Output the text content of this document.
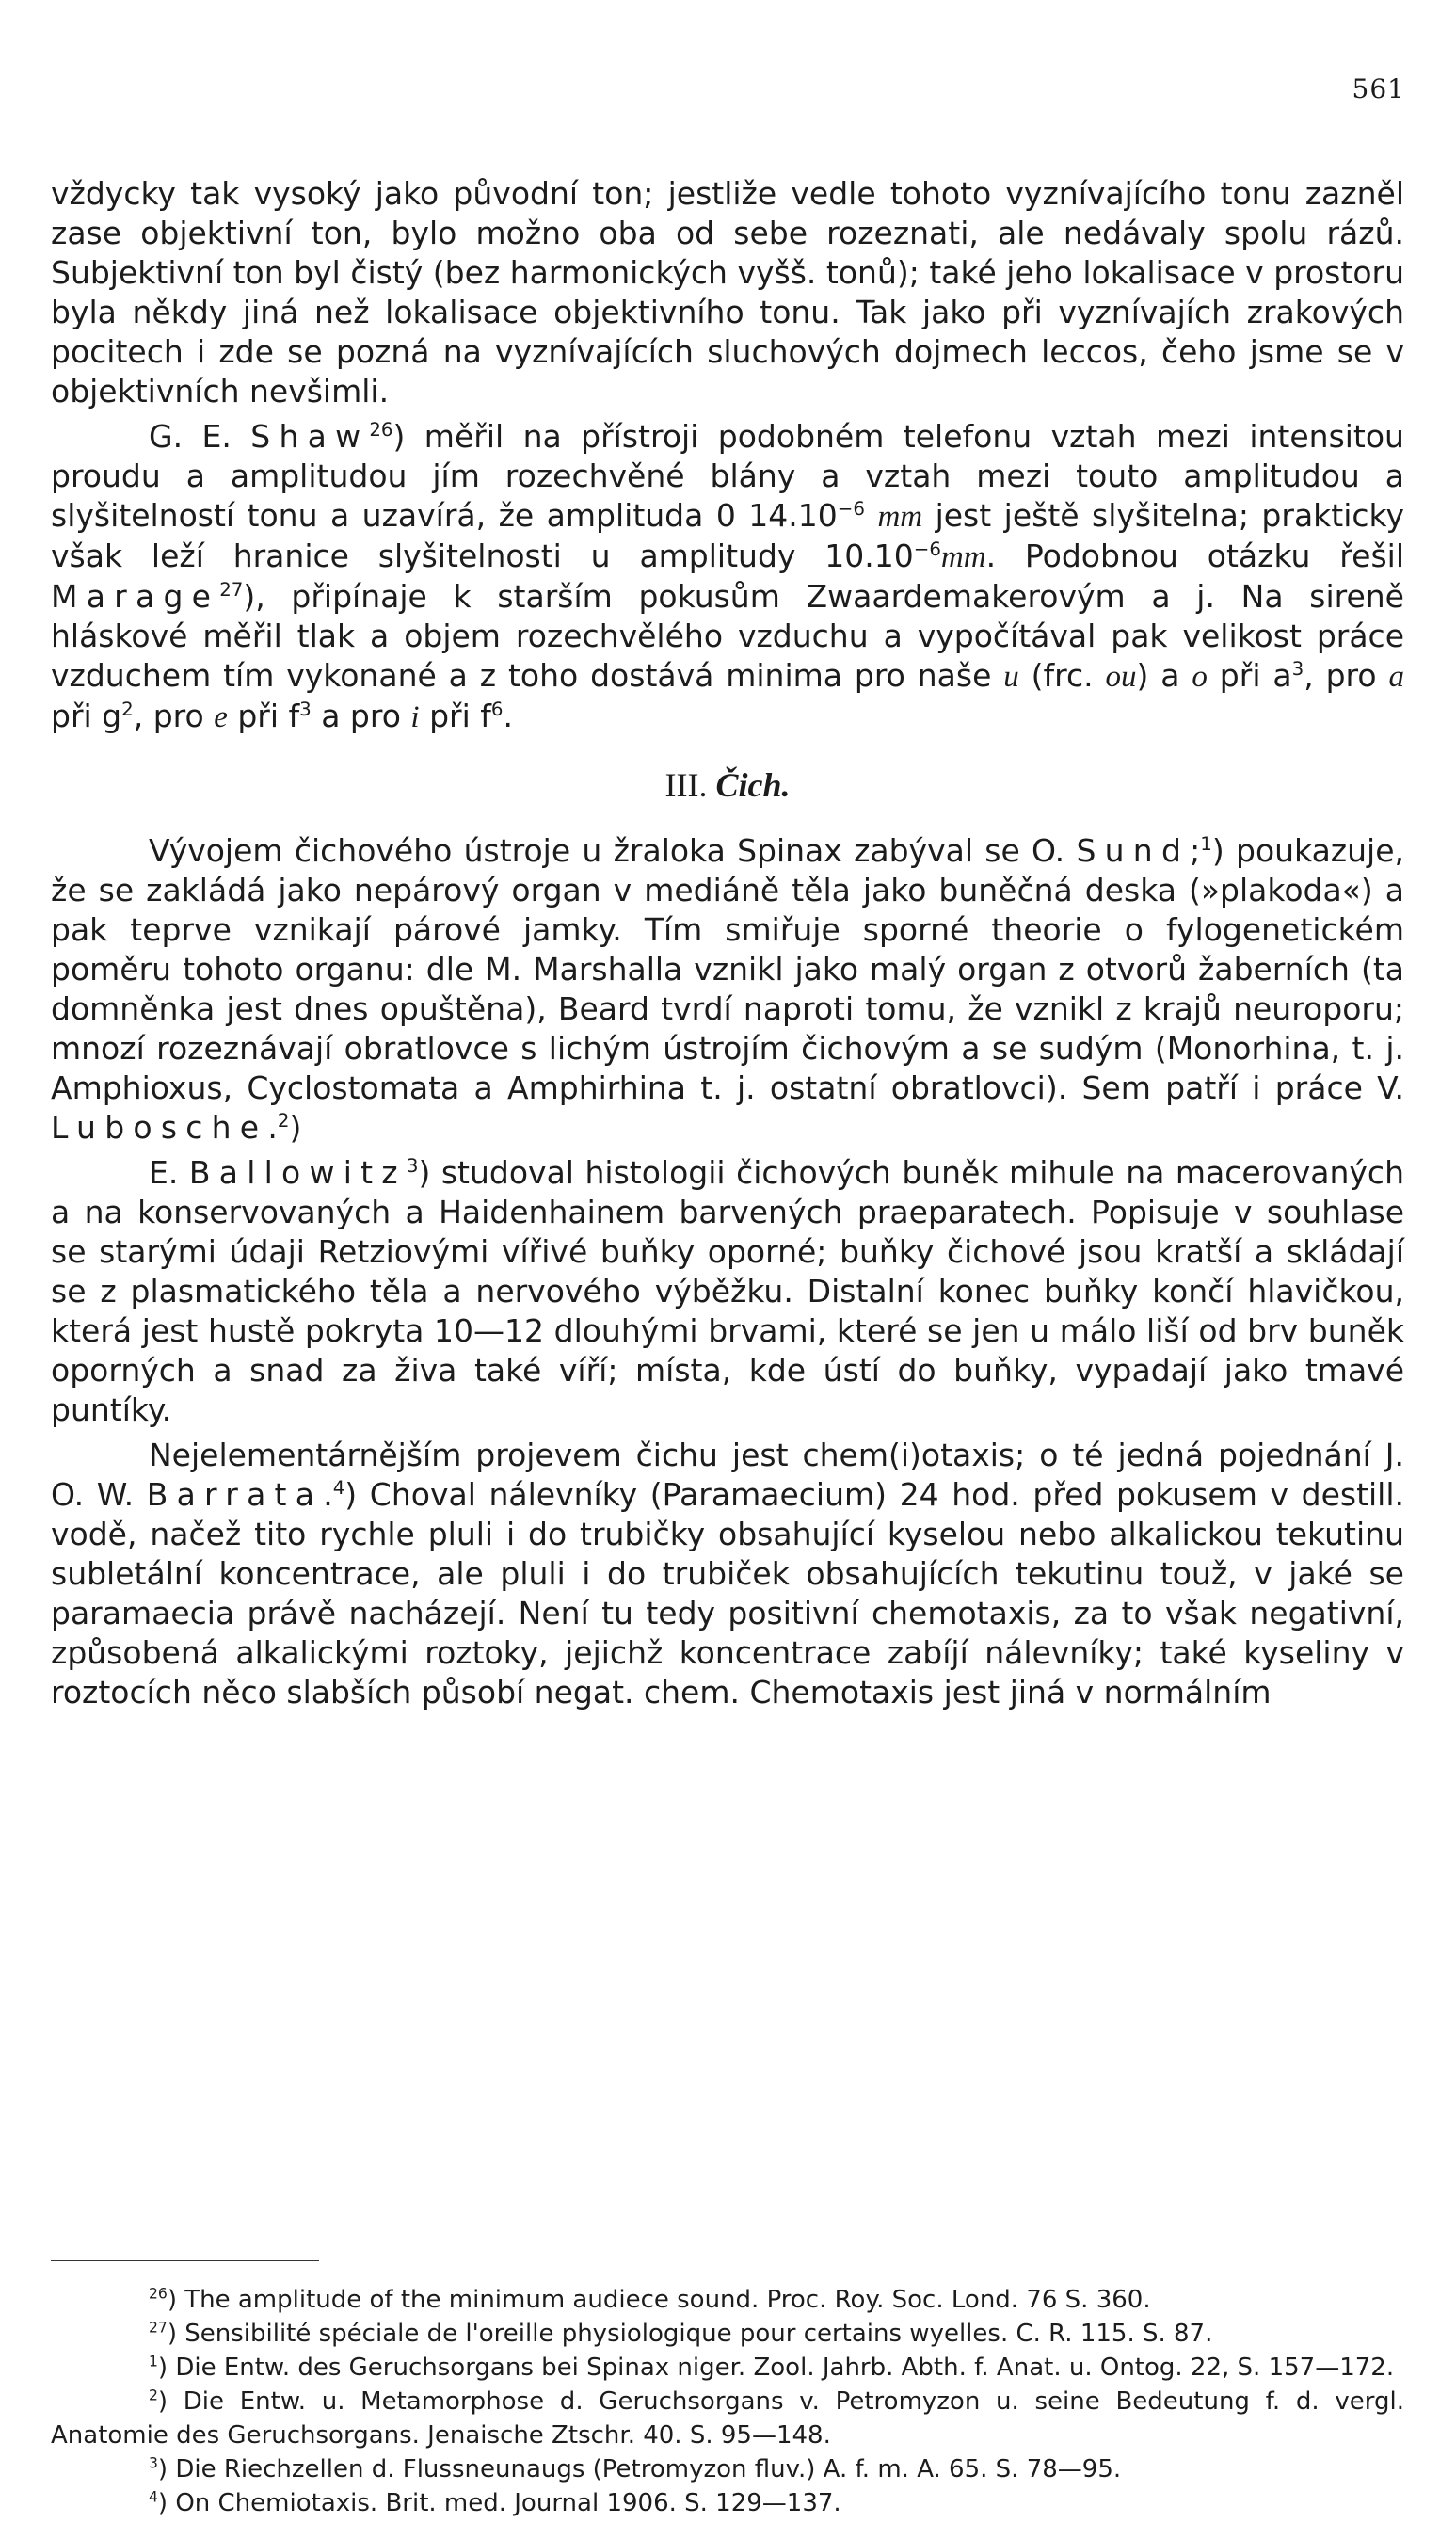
561

vždycky tak vysoký jako původní ton; jestliže vedle tohoto vyznívajícího tonu zazněl zase objektivní ton, bylo možno oba od sebe rozeznati, ale nedávaly spolu rázů. Subjektivní ton byl čistý (bez harmonických vyšš. tonů); také jeho lokalisace v prostoru byla někdy jiná než lokalisace objektivního tonu. Tak jako při vyznívajích zrakových pocitech i zde se pozná na vyznívajících sluchových dojmech leccos, čeho jsme se v objektivních nevšimli.

G. E. Shaw$^{26}$) měřil na přístroji podobném telefonu vztah mezi intensitou proudu a amplitudou jím rozechvěné blány a vztah mezi touto amplitudou a slyšitelností tonu a uzavírá, že amplituda 0 $14.10^{-6}$ mm jest ještě slyšitelna; prakticky však leží hranice slyšitelnosti u amplitudy $10.10^{-6}mm$. Podobnou otázku řešil Marage$^{27}$), připínaje k starším pokusům Zwaardemakerovým a j. Na sireně hláskové měřil tlak a objem rozechvělého vzduchu a vypočítával pak velikost práce vzduchem tím vykonané a z toho dostává minima pro naše u (frc. ou) a o při $a^3$, pro a při $g^2$, pro e při $f^3$ a pro i při $f^6$.

III. Čich.

Vývojem čichového ústroje u žraloka Spinax zabýval se O. Sund;$^1$) poukazuje, že se zakládá jako nepárový organ v mediáně těla jako buněčná deska (»plakoda«) a pak teprve vznikají párové jamky. Tím smiřuje sporné theorie o fylogenetickém poměru tohoto organu: dle M. Marshalla vznikl jako malý organ z otvorů žaberních (ta domněnka jest dnes opuštěna), Beard tvrdí naproti tomu, že vznikl z krajů neuroporu; mnozí rozeznávají obratlovce s lichým ústrojím čichovým a se sudým (Monorhina, t. j. Amphioxus, Cyclostomata a Amphirhina t. j. ostatní obratlovci). Sem patří i práce V. Lubosche.$^2$)

E. Ballowitz$^3$) studoval histologii čichových buněk mihule na macerovaných a na konservovaných a Haidenhainem barvených praeparatech. Popisuje v souhlase se starými údaji Retziovými vířivé buňky oporné; buňky čichové jsou kratší a skládají se z plasmatického těla a nervového výběžku. Distalní konec buňky končí hlavičkou, která jest hustě pokryta 10—12 dlouhými brvami, které se jen u málo liší od brv buněk oporných a snad za živa také víří; místa, kde ústí do buňky, vypadají jako tmavé puntíky.

Nejelementárnějším projevem čichu jest chem(i)otaxis; o té jedná pojednání J. O. W. Barrata.$^4$) Choval nálevníky (Paramaecium) 24 hod. před pokusem v destill. vodě, načež tito rychle pluli i do trubičky obsahující kyselou nebo alkalickou tekutinu subletální koncentrace, ale pluli i do trubiček obsahujících tekutinu touž, v jaké se paramaecia právě nacházejí. Není tu tedy positivní chemotaxis, za to však negativní, způsobená alkalickými roztoky, jejichž koncentrace zabíjí nálevníky; také kyseliny v roztocích něco slabších působí negat. chem. Chemotaxis jest jiná v normálním

$^{26}$) The amplitude of the minimum audiece sound. Proc. Roy. Soc. Lond. 76 S. 360.

$^{27}$) Sensibilité spéciale de l'oreille physiologique pour certains wyelles. C. R. 115. S. 87.

$^1$) Die Entw. des Geruchsorgans bei Spinax niger. Zool. Jahrb. Abth. f. Anat. u. Ontog. 22, S. 157—172.

$^2$) Die Entw. u. Metamorphose d. Geruchsorgans v. Petromyzon u. seine Bedeutung f. d. vergl. Anatomie des Geruchsorgans. Jenaische Ztschr. 40. S. 95—148.

$^3$) Die Riechzellen d. Flussneunaugs (Petromyzon fluv.) A. f. m. A. 65. S. 78—95.

$^4$) On Chemiotaxis. Brit. med. Journal 1906. S. 129—137.
